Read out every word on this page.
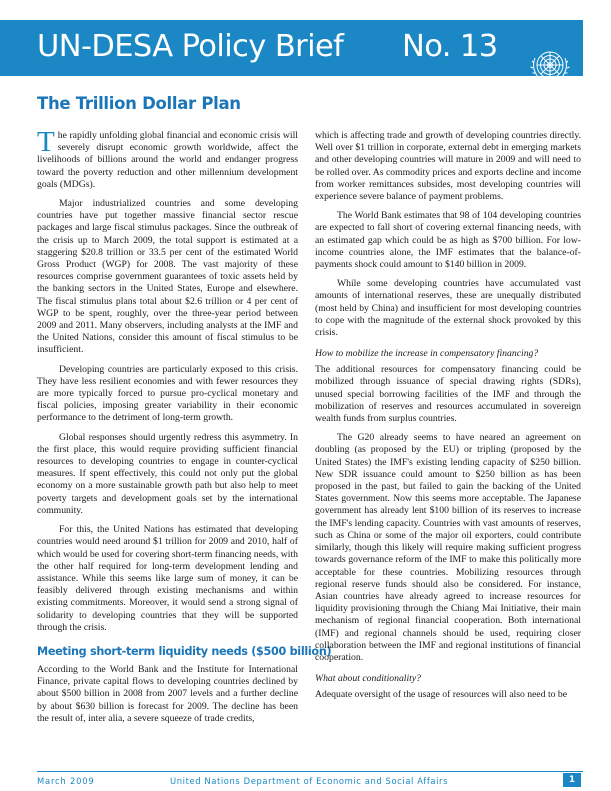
UN-DESA Policy Brief No. 13
The Trillion Dollar Plan

The rapidly unfolding global financial and economic crisis will severely disrupt economic growth worldwide, affect the livelihoods of billions around the world and endanger progress toward the poverty reduction and other millennium development goals (MDGs).

Major industrialized countries and some developing countries have put together massive financial sector rescue packages and large fiscal stimulus packages. Since the outbreak of the crisis up to March 2009, the total support is estimated at a staggering $20.8 trillion or 33.5 per cent of the estimated World Gross Product (WGP) for 2008. The vast majority of these resources comprise government guarantees of toxic assets held by the banking sectors in the United States, Europe and elsewhere. The fiscal stimulus plans total about $2.6 trillion or 4 per cent of WGP to be spent, roughly, over the three-year period between 2009 and 2011. Many observers, including analysts at the IMF and the United Nations, consider this amount of fiscal stimulus to be insufficient.

Developing countries are particularly exposed to this crisis. They have less resilient economies and with fewer resources they are more typically forced to pursue pro-cyclical monetary and fiscal policies, imposing greater variability in their economic performance to the detriment of long-term growth.

Global responses should urgently redress this asymmetry. In the first place, this would require providing sufficient financial resources to developing countries to engage in counter-cyclical measures. If spent effectively, this could not only put the global economy on a more sustainable growth path but also help to meet poverty targets and development goals set by the international community.

For this, the United Nations has estimated that developing countries would need around $1 trillion for 2009 and 2010, half of which would be used for covering short-term financing needs, with the other half required for long-term development lending and assistance. While this seems like large sum of money, it can be feasibly delivered through existing mechanisms and within existing commitments. Moreover, it would send a strong signal of solidarity to developing countries that they will be supported through the crisis.

Meeting short-term liquidity needs ($500 billion)

According to the World Bank and the Institute for International Finance, private capital flows to developing countries declined by about $500 billion in 2008 from 2007 levels and a further decline by about $630 billion is forecast for 2009. The decline has been the result of, inter alia, a severe squeeze of trade credits,

which is affecting trade and growth of developing countries directly. Well over $1 trillion in corporate, external debt in emerging markets and other developing countries will mature in 2009 and will need to be rolled over. As commodity prices and exports decline and income from worker remittances subsides, most developing countries will experience severe balance of payment problems.

The World Bank estimates that 98 of 104 developing countries are expected to fall short of covering external financing needs, with an estimated gap which could be as high as $700 billion. For low-income countries alone, the IMF estimates that the balance-of-payments shock could amount to $140 billion in 2009.

While some developing countries have accumulated vast amounts of international reserves, these are unequally distributed (most held by China) and insufficient for most developing countries to cope with the magnitude of the external shock provoked by this crisis.

How to mobilize the increase in compensatory financing?

The additional resources for compensatory financing could be mobilized through issuance of special drawing rights (SDRs), unused special borrowing facilities of the IMF and through the mobilization of reserves and resources accumulated in sovereign wealth funds from surplus countries.

The G20 already seems to have neared an agreement on doubling (as proposed by the EU) or tripling (proposed by the United States) the IMF's existing lending capacity of $250 billion. New SDR issuance could amount to $250 billion as has been proposed in the past, but failed to gain the backing of the United States government. Now this seems more acceptable. The Japanese government has already lent $100 billion of its reserves to increase the IMF's lending capacity. Countries with vast amounts of reserves, such as China or some of the major oil exporters, could contribute similarly, though this likely will require making sufficient progress towards governance reform of the IMF to make this politically more acceptable for these countries. Mobilizing resources through regional reserve funds should also be considered. For instance, Asian countries have already agreed to increase resources for liquidity provisioning through the Chiang Mai Initiative, their main mechanism of regional financial cooperation. Both international (IMF) and regional channels should be used, requiring closer collaboration between the IMF and regional institutions of financial cooperation.

What about conditionality?

Adequate oversight of the usage of resources will also need to be

March 2009	United Nations Department of Economic and Social Affairs	1
